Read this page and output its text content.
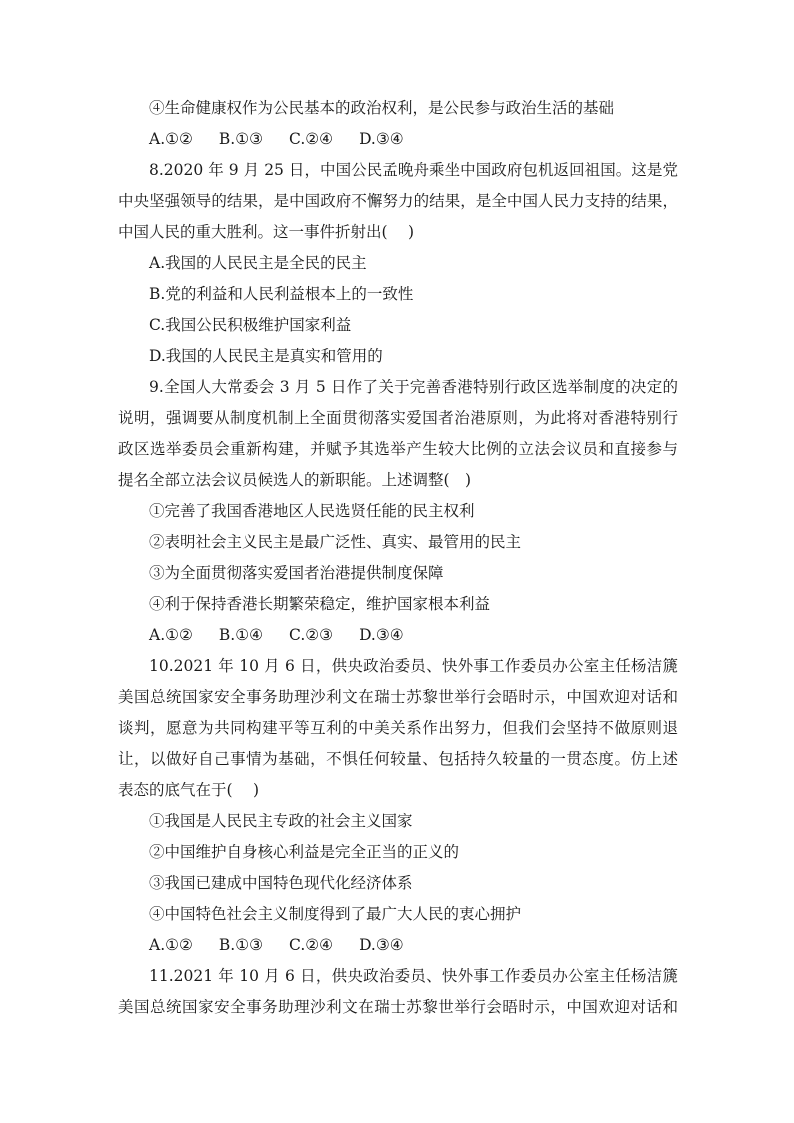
④生命健康权作为公民基本的政治权利，是公民参与政治生活的基础
A.①② B.①③ C.②④ D.③④
8.2020 年 9 月 25 日，中国公民孟晚舟乘坐中国政府包机返回祖国。这是党
中央坚强领导的结果，是中国政府不懈努力的结果，是全中国人民力支持的结果，
中国人民的重大胜利。这一事件折射出(　 )
A.我国的人民民主是全民的民主
B.党的利益和人民利益根本上的一致性
C.我国公民积极维护国家利益
D.我国的人民民主是真实和管用的
9.全国人大常委会 3 月 5 日作了关于完善香港特别行政区选举制度的决定的
说明，强调要从制度机制上全面贯彻落实爱国者治港原则，为此将对香港特别行
政区选举委员会重新构建，并赋予其选举产生较大比例的立法会议员和直接参与
提名全部立法会议员候选人的新职能。上述调整(　)
①完善了我国香港地区人民选贤任能的民主权利
②表明社会主义民主是最广泛性、真实、最管用的民主
③为全面贯彻落实爱国者治港提供制度保障
④利于保持香港长期繁荣稳定，维护国家根本利益
A.①② B.①④ C.②③ D.③④
10.2021 年 10 月 6 日，供央政治委员、快外事工作委员办公室主任杨洁篪
美国总统国家安全事务助理沙利文在瑞士苏黎世举行会晤时示，中国欢迎对话和
谈判，愿意为共同构建平等互利的中美关系作出努力，但我们会坚持不做原则退
让，以做好自己事情为基础，不惧任何较量、包括持久较量的一贯态度。仿上述
表态的底气在于(　 )
①我国是人民民主专政的社会主义国家
②中国维护自身核心利益是完全正当的正义的
③我国已建成中国特色现代化经济体系
④中国特色社会主义制度得到了最广大人民的衷心拥护
A.①② B.①③ C.②④ D.③④
11.2021 年 10 月 6 日，供央政治委员、快外事工作委员办公室主任杨洁篪
美国总统国家安全事务助理沙利文在瑞士苏黎世举行会晤时示，中国欢迎对话和
